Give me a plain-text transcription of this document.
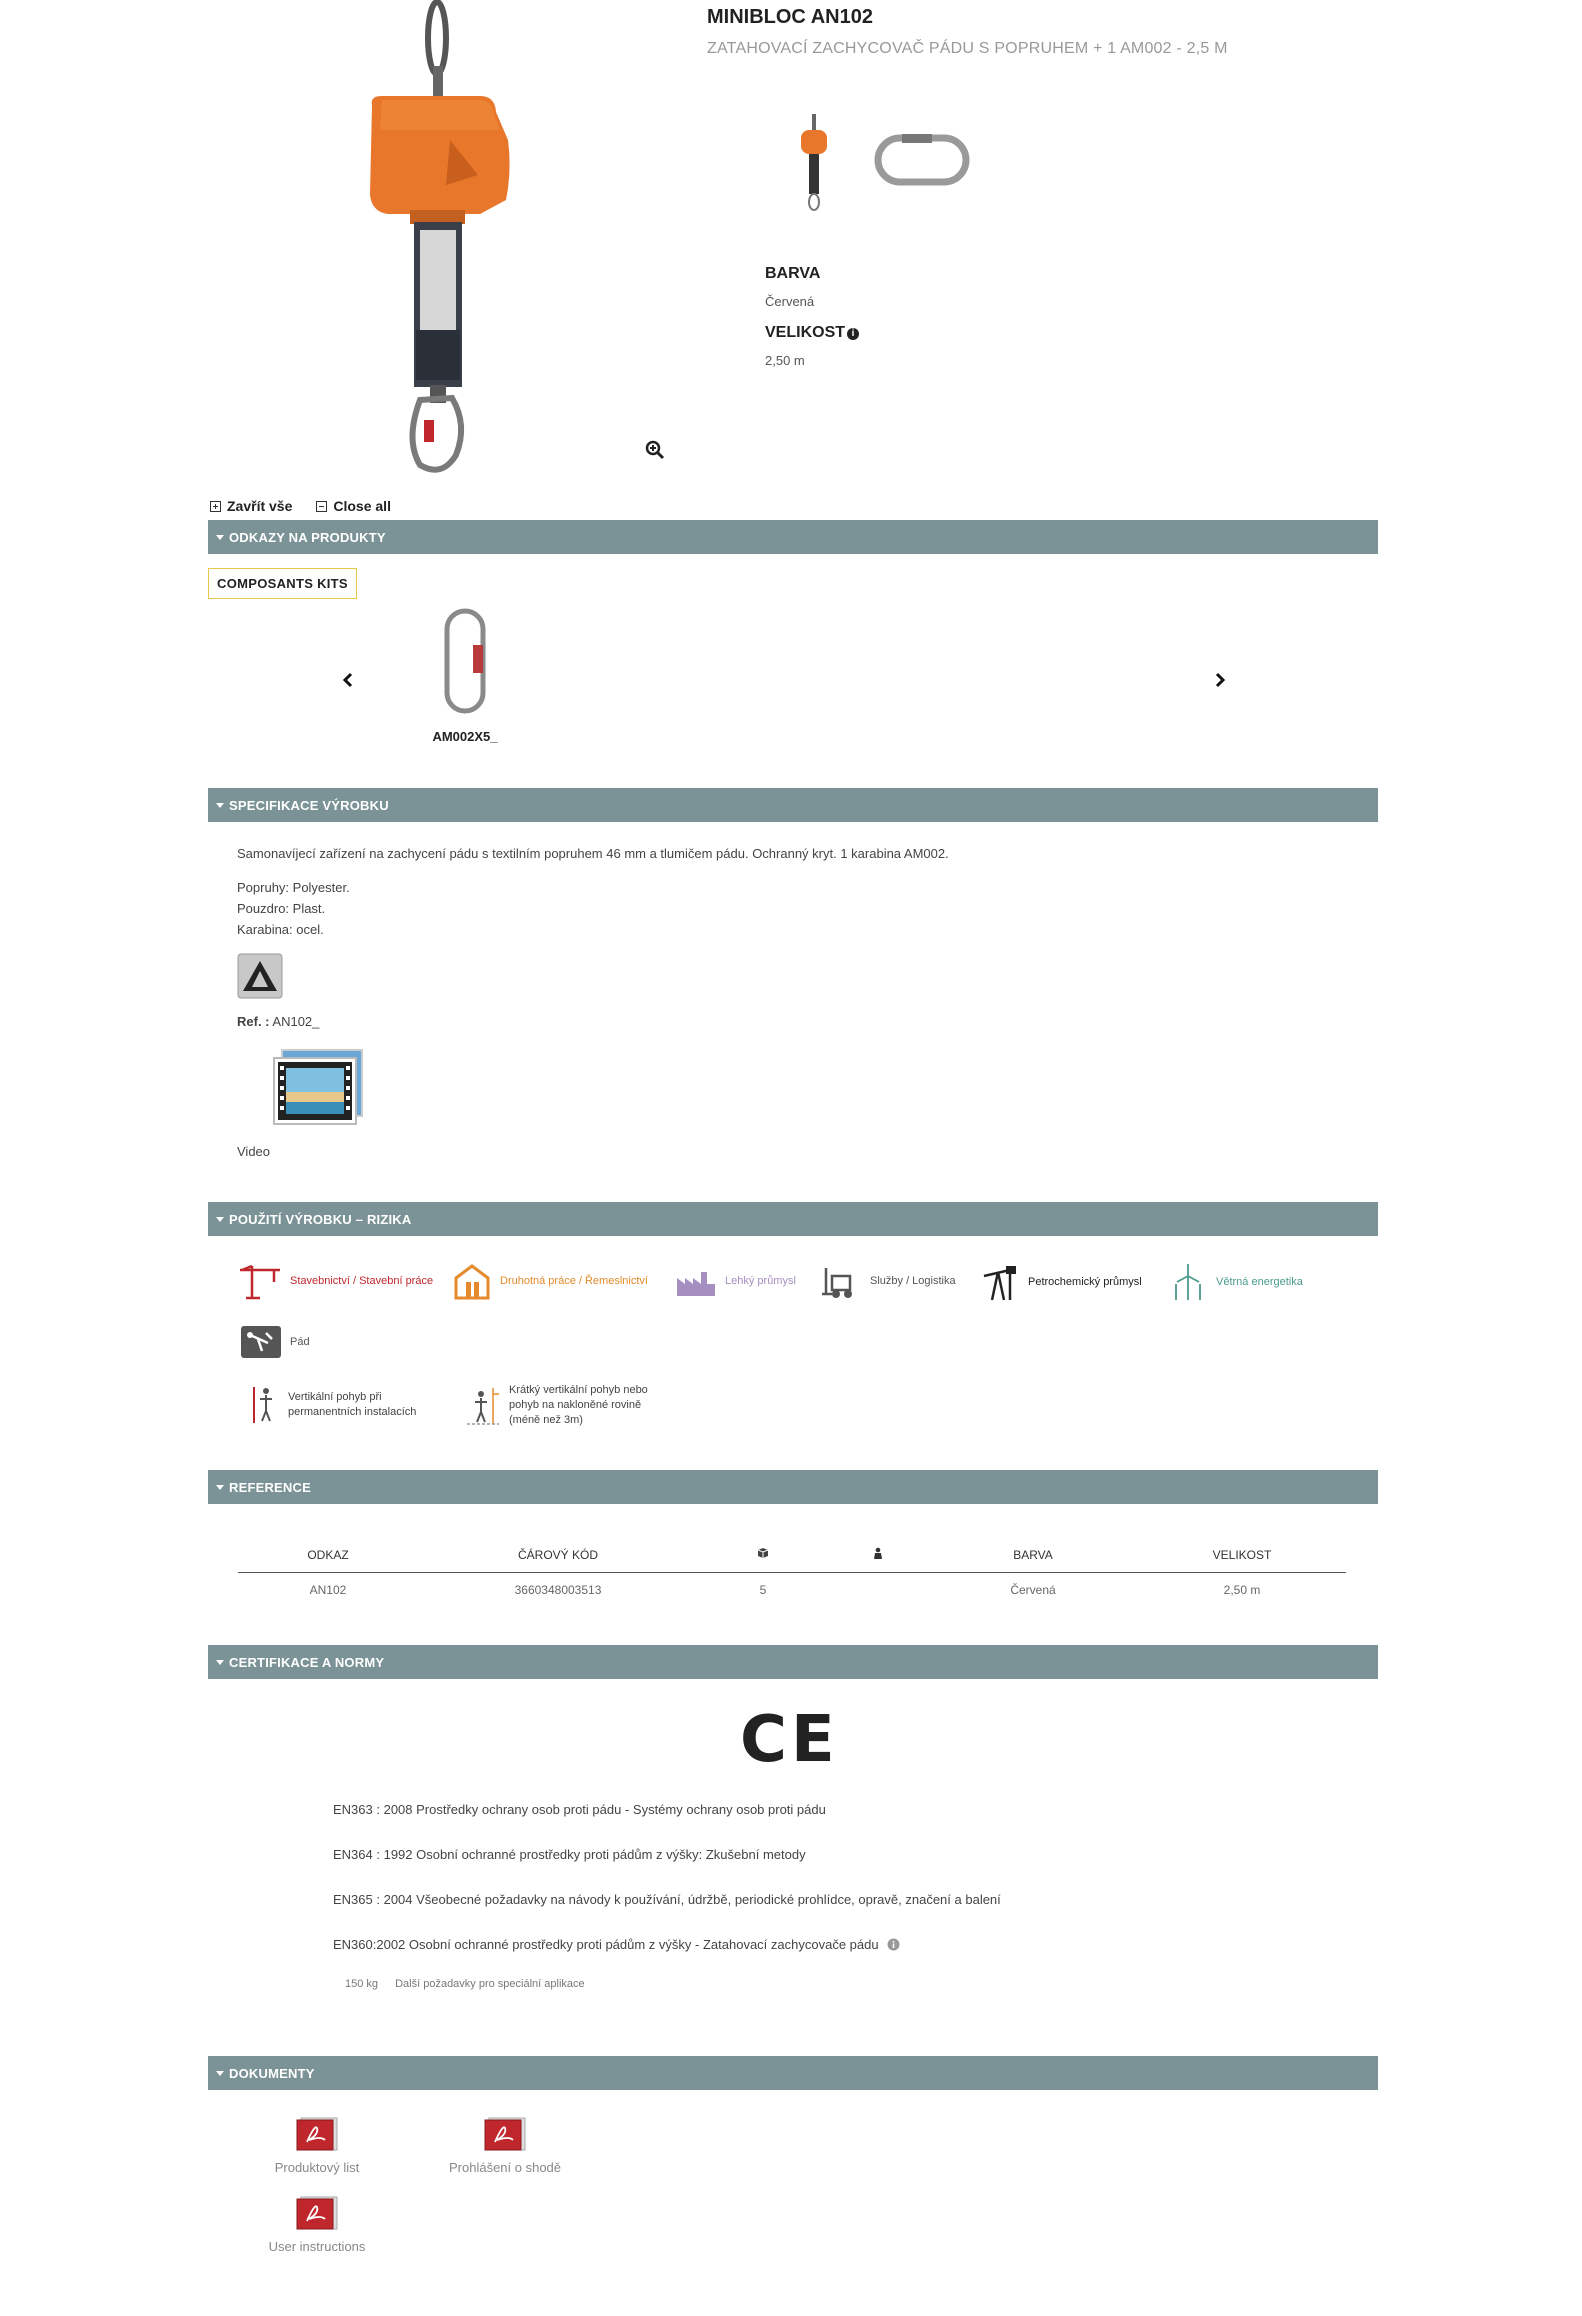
MINIBLOC AN102
ZATAHOVACÍ ZACHYCOVAČ PÁDU S POPRUHEM + 1 AM002 - 2,5 M
BARVA
Červená
VELIKOST i
2,50 m
Zavřít vše	Close all
ODKAZY NA PRODUKTY
COMPOSANTS KITS
AM002X5_
SPECIFIKACE VÝROBKU
Samonavíjecí zařízení na zachycení pádu s textilním popruhem 46 mm a tlumičem pádu. Ochranný kryt. 1 karabina AM002.
Popruhy: Polyester.
Pouzdro: Plast.
Karabina: ocel.
Ref. : AN102_
Video
POUŽITÍ VÝROBKU – RIZIKA
Stavebnictví / Stavební práce	Druhotná práce / Řemeslnictví	Lehký průmysl	Služby / Logistika	Petrochemický průmysl	Větrná energetika
Pád
Vertikální pohyb při
permanentních instalacích
Krátký vertikální pohyb nebo
pohyb na nakloněné rovině
(méně než 3m)
REFERENCE
ODKAZ	ČÁROVÝ KÓD			BARVA	VELIKOST
AN102	3660348003513	5		Červená	2,50 m
CERTIFIKACE A NORMY
CE
EN363 : 2008 Prostředky ochrany osob proti pádu - Systémy ochrany osob proti pádu
EN364 : 1992 Osobní ochranné prostředky proti pádům z výšky: Zkušební metody
EN365 : 2004 Všeobecné požadavky na návody k používání, údržbě, periodické prohlídce, opravě, značení a balení
EN360:2002 Osobní ochranné prostředky proti pádům z výšky - Zatahovací zachycovače pádu
150 kg Další požadavky pro speciální aplikace
DOKUMENTY
Produktový list	Prohlášení o shodě
User instructions
